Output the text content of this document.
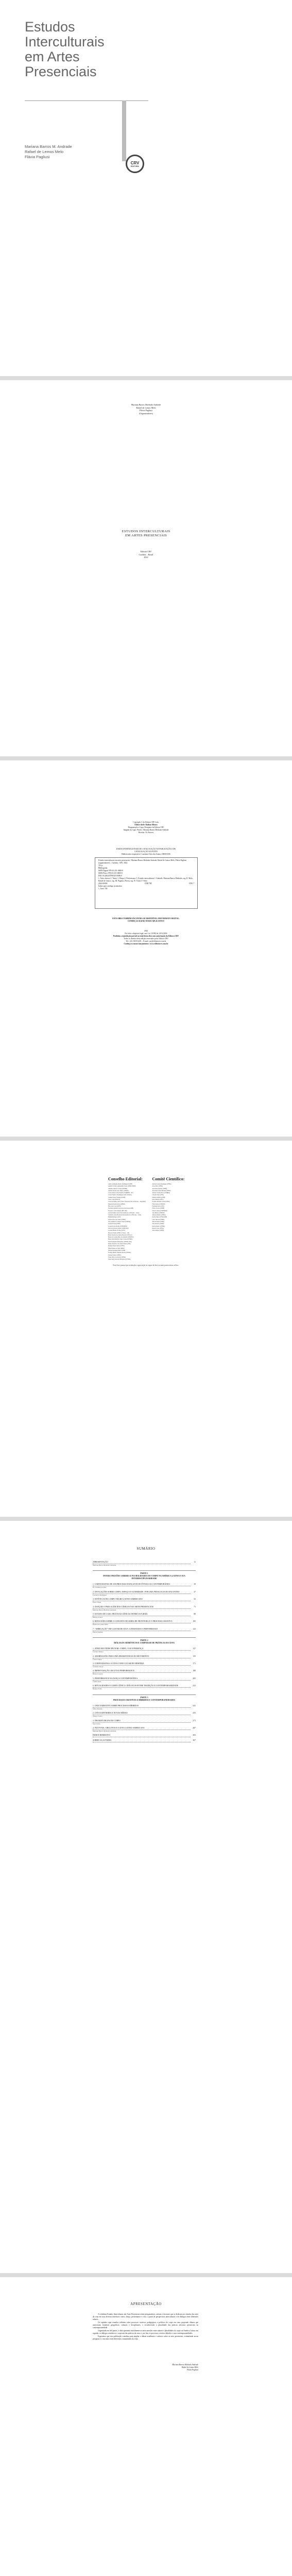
Estudos
Interculturais
em Artes
Presenciais
Mariana Barros M. Andrade
Rafael de Lemos Melo
Flávia Pagliusi
CRV
EDITORA
Mariana Barros Medrado Andrade
Rafael de Lemos Melo
Flávia Pagliusi
(Organizadores)
ESTUDOS INTERCULTURAIS
EM ARTES PRESENCIAIS
Editora CRV
Curitiba – Brasil
2022
Copyright © da Editora CRV Ltda.
Editor-chefe: Railson Moura
Diagramação e Capa: Designers da Editora CRV
Imagem da Capa: Pexels / Mariana Barros Medrado Andrade
Revisão: Os Autores
DADOS INTERNACIONAIS DE CATALOGAÇÃO NA PUBLICAÇÃO (CIP)
CATALOGAÇÃO NA FONTE
Bibliotecária responsável: Luzenira Alves dos Santos CRB9/1506
Estudos interculturais em artes presenciais / Mariana Barros Medrado Andrade, Rafael de Lemos Melo, Flávia Pagliusi (organizadores) – Curitiba : CRV, 2022.
314 p.
Bibliografia
ISBN Digital 978-65-251-0000-0
ISBN Físico 978-65-251-0000-0
DOI 10.24824/978652510000.0
1. Artes cênicas 2. Teatro 3. Dança 4. Performance 5. Estudos interculturais I. Andrade, Mariana Barros Medrado, org. II. Melo, Rafael de Lemos, org. III. Pagliusi, Flávia, org. IV. Título V. Série.
2022-00000	CDD 700	CDU 7
Índice para catálogo sistemático
1. Artes 700
ESTA OBRA TAMBÉM ENCONTRA-SE DISPONÍVEL EM FORMATO DIGITAL.
CONHEÇA E BAIXE NOSSO APLICATIVO!
2022
Foi feito o depósito legal conf. Lei 10.994 de 14/12/2004
Proibida a reprodução parcial ou total desta obra sem autorização da Editora CRV
Todos os direitos desta edição reservados pela: Editora CRV
Tel.: (41) 3039-6418 – E-mail: sac@editoracrv.com.br
Conheça os nossos lançamentos: www.editoracrv.com.br
Conselho Editorial:
Aldira Guimarães Duarte Domínguez (UNB)
Andréia da Silva Quintanilha Sousa (UNIR/UFRN)
Anselmo Alencar Colares (UFOPA)
Antônio Pereira Gaio Júnior (UFRRJ)
Carlos Alberto Vilar Estêvão (UMINHO – PT)
Carlos Federico Dominguez Avila (Unieuro)
Carmen Tereza Velanga (UNIR)
Celso Conti (UFSCar)
Cesar Gerónimo Tello (Univer. Nacional Três de Febrero – Argentina)
Eduardo Pereira Alves (UFMS)
Élsio José Corá (UFFS)
Fernando Antônio Gonçalves Alcoforado (IPB)
Francisco Carlos Duarte (PUC-PR)
Gloria Fariñas León (Universidade de La Havana – Cuba)
Guillermo Arias Beatón (Universidade de La Havana – Cuba)
Helmuth Krüger (UCP)
Jailson Alves dos Santos (UFRJ)
João Adalberto Campato Junior (UNESP)
Josania Portela (UFPI)
Leonel Severo Rocha (UNISINOS)
Lídia de Oliveira Xavier (UNIEURO)
Lourdes Helena da Silva (UFV)
Marcelo Paixão (UFRJ e UTexas – US)
Maria Cristina dos Santos Bezerra (UFSCar)
Maria de Lourdes Pinto de Almeida (UNOESC)
Maria Lília Imbiriba Sousa Colares (UFOPA)
Paulo Romualdo Hernandes (UNIFAL-MG)
Renato Francisco dos Santos Paula (UFG)
Rodrigo Pratte-Santos (UFES)
Sérgio Nunes de Jesus (IFRO)
Simone Rodrigues Pinto (UNB)
Solange Helena Ximenes-Rocha (UFOPA)
Sydione Santos (UEPG)
Tadeu Oliver Gonçalves (UFPA)
Tania Suely Azevedo Brasileiro (UFOPA)
Comitê Científico:
Adriana Gomes Rodrigues (UFBA)
Alice Pinto (UFPA)
Ana Paula Sanches (UFPR)
Ana Paula Tomé Miranda (UFMS)
Andrea Cristina Alves (UNIRIO)
Cláudia Vieira (UFG)
Daniela Salgado (UNB)
Dirce Mônica (UFG)
Evandro Ronaldo Souza (UFPA)
Fábio Santos (UNIRIO)
Fernanda Paiva (UFU)
Flávio Trovão (UFPB)
Isabel Cristina (UNESPAR)
João Batista (UNIFAP)
Juliana Almeida (UFBA)
Karina Matos (UNICAMP)
Lúcio Moraes (UFRN)
Márcia Duarte (UFRJ)
Nara Ferreira (UFOP)
Paulo Roberto (UFMG)
Renata Costa (UFSC)
Sílvia Ramos (UFPE)
Este livro passou por avaliação e aprovação às cegas de dois ou mais pareceristas ad hoc.
SUMÁRIO
APRESENTAÇÃO	11
Mariana Barros Medrado Andrade
PARTE 1
INTERCONEXÕES SABERES E PLURALIDADES DO CORPO NA AMÉRICA LATINA E SUA INTERDISCIPLINARIDADE
1. CARTOGRAFIAS DE UM PROCESSO DANÇANTE DO ÉTNICO AO CONTEMPORÂNEO	19
R. F. Ramos Gomes
2. DIVAGAÇÕES SOBRE CORPO, ESPAÇO E ALTERIDADE: POR UMA PEDAGOGIA DO ENCONTRO	37
Leonardo Rodrigues
3. ESTÉTICAS DO CORPO NEGRO LATINO-AMERICANO	53
Pedro Viana
4. DANÇAR O PARA ALÉM DOS CÓDIGOS NAS ARTES PRESENCIAIS	71
Mariana Barros Medrado Andrade
5. ESTUDO DE CASO: PRÁTICAS CÊNICAS INTERCULTURAIS	89
Marina Soares
6. REFLEXÕES SOBRE O CONCEITO DE SERES DE FRONTEIRA E O PROCESSO CRIATIVO	105
Rafael de Lemos Melo
7. “ABRIGAÇÃO” EM GASTAR DE ATUA: LITERATURA E PERFORMANCE	123
Flávia Pagliusi
PARTE 2
DIÁLOGOS SEMIÓTICOS E CORPORAIS DE PRÁTICAS DA CENA
1. ATRIZ MULTIDISCIPLINAR: CORPO, VOZ E PRESENÇA	137
Luciana Ramos
2. ABORDAGENS PARA UMA DRAMATURGIA DO MOVIMENTO	155
Cássia Nunes
3. CORPOGRAFIAS: A CENA COMO LUGAR DE MEMÓRIA	171
Gabriela Torres
4. IMPROVISAÇÃO, ESCUTA E PERFORMANCE	189
Bruno Lacerda
5. PERFORMANCE NA DANÇA CONTEMPORÂNEA	205
Camila Reis
6. RITUALIDADES E CORPO CÊNICO: DIÁLOGOS ENTRE TRADIÇÃO E CONTEMPORANEIDADE	223
Helena Prado
PARTE 3
PROCESSOS CRIATIVOS E HÍBRIDOS E CONTEMPORANEIDADES
1. UMA NARRATIVA SOBRE PROCESSOS HÍBRIDOS	241
Silvia Martins
2. CENA EXPANDIDA E NOVAS MÍDIAS	255
Thiago Castro
3. DRAMATURGIAS DO CORPO	271
Vera Lúcia
4. FESTIVAIS, CIRCUITOS E A CENA LATINO-AMERICANA	287
Mariana Barros Medrado Andrade
ÍNDICE REMISSIVO	303
SOBRE OS AUTORES	307
APRESENTAÇÃO

A coletânea Estudos Interculturais em Artes Presenciais reúne pesquisadores, artistas e docentes que se dedicam aos estudos das artes da cena em suas diversas interfaces: teatro, dança, performance e circo, a partir de perspectivas interculturais e de diálogos entre diferentes saberes.

Os capítulos aqui reunidos refletem sobre processos criativos, pedagógicos e políticos do corpo em cena, propondo olhares que atravessam fronteiras geográficas, culturais e disciplinares, e reconhecendo a pluralidade das práticas artísticas presenciais na contemporaneidade.

Organizada em três partes, a obra apresenta inicialmente as interconexões entre saberes e pluralidades do corpo na América Latina; em seguida, os diálogos semióticos e corporais das práticas da cena; e, por fim, os processos criativos híbridos e suas contemporaneidades.

Esperamos que esta publicação contribua para ampliar o debate acadêmico e artístico sobre as artes presenciais, estimulando novas pesquisas e o encontro entre diferentes comunidades da cena.

Mariana Barros Medrado Andrade
Rafael de Lemos Melo
Flávia Pagliusi
